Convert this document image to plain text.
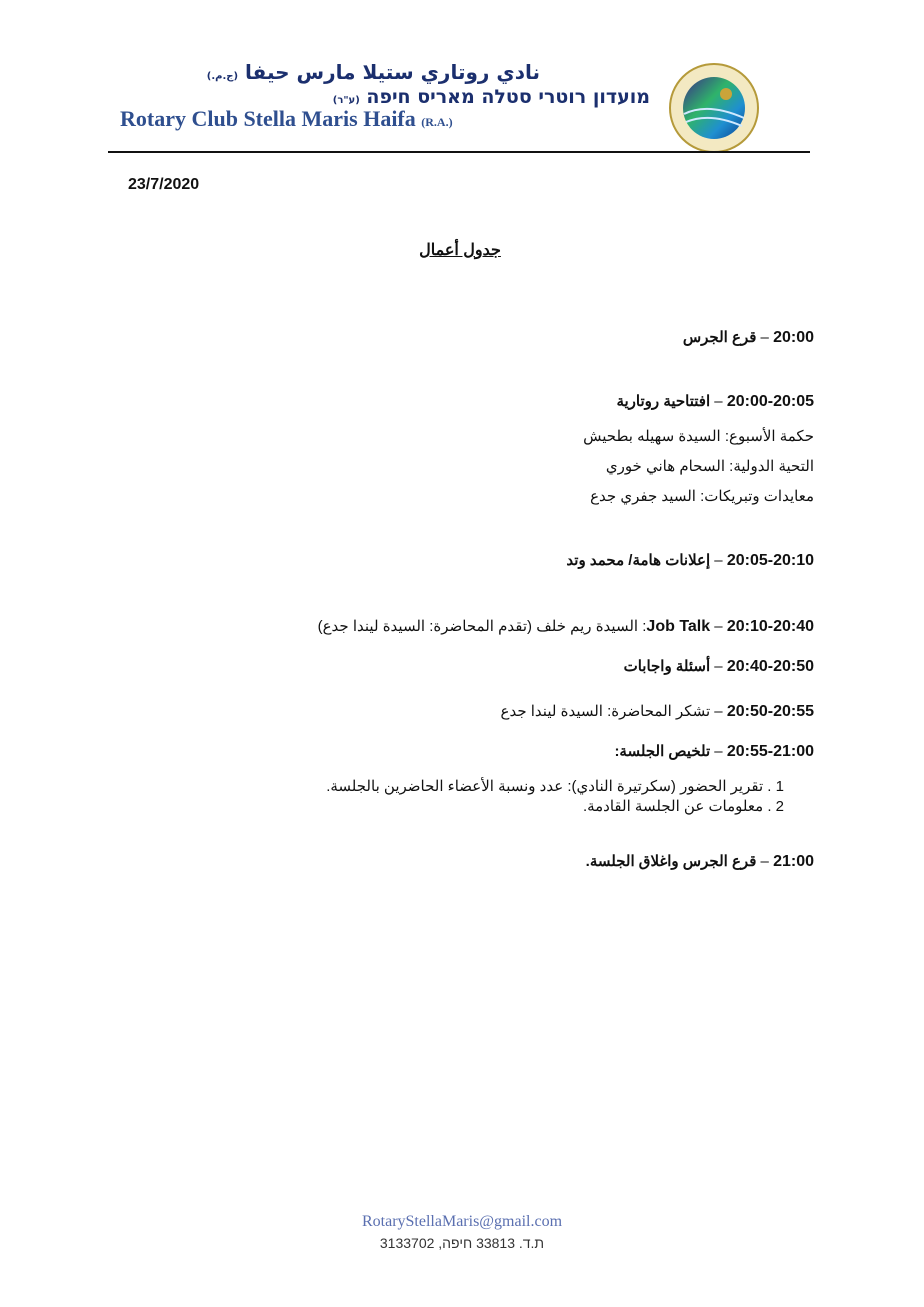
نادي روتاري ستيلا مارس حيفا (ج.م.)
מועדון רוטרי סטלה מאריס חיפה (ע"ר)
Rotary Club Stella Maris Haifa (R.A.)
23/7/2020
جدول أعمال
20:00 – قرع الجرس
20:00-20:05 – افتتاحية روتارية
حكمة الأسبوع: السيدة سهيله بطحيش
التحية الدولية: السحام هاني خوري
معايدات وتبريكات: السيد جفري جدع
20:05-20:10 – إعلانات هامة/ محمد وتد
20:10-20:40 – Job Talk: السيدة ريم خلف (تقدم المحاضرة: السيدة ليندا جدع)
20:40-20:50 – أسئلة واجابات
20:50-20:55 – تشكر المحاضرة: السيدة ليندا جدع
20:55-21:00 – تلخيص الجلسة:
1 . تقرير الحضور (سكرتيرة النادي): عدد ونسبة الأعضاء الحاضرين بالجلسة.
2 . معلومات عن الجلسة القادمة.
21:00 – قرع الجرس واغلاق الجلسة.
RotaryStellaMaris@gmail.com
ת.ד. 33813 חיפה, 3133702
